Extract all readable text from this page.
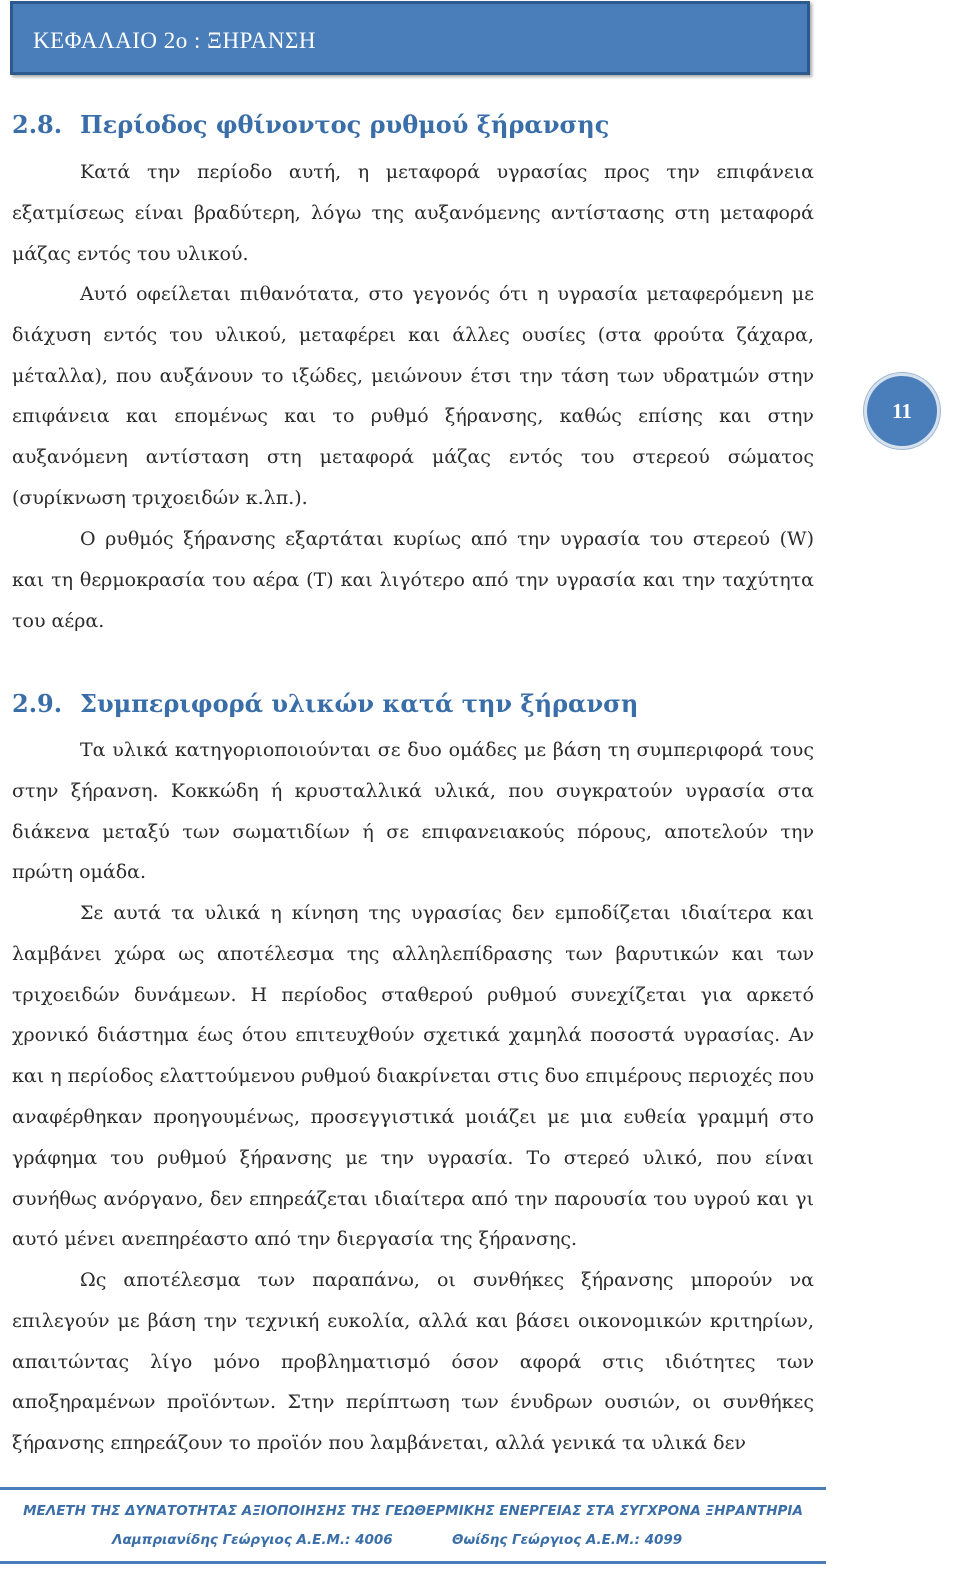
ΚΕΦΑΛΑΙΟ 2ο : ΞΗΡΑΝΣΗ
11
2.8. Περίοδος φθίνοντος ρυθμού ξήρανσης

Κατά την περίοδο αυτή, η μεταφορά υγρασίας προς την επιφάνεια εξατμίσεως είναι βραδύτερη, λόγω της αυξανόμενης αντίστασης στη μεταφορά μάζας εντός του υλικού.

Αυτό οφείλεται πιθανότατα, στο γεγονός ότι η υγρασία μεταφερόμενη με διάχυση εντός του υλικού, μεταφέρει και άλλες ουσίες (στα φρούτα ζάχαρα, μέταλλα), που αυξάνουν το ιξώδες, μειώνουν έτσι την τάση των υδρατμών στην επιφάνεια και επομένως και το ρυθμό ξήρανσης, καθώς επίσης και στην αυξανόμενη αντίσταση στη μεταφορά μάζας εντός του στερεού σώματος (συρίκνωση τριχοειδών κ.λπ.).

Ο ρυθμός ξήρανσης εξαρτάται κυρίως από την υγρασία του στερεού (W) και τη θερμοκρασία του αέρα (T) και λιγότερο από την υγρασία και την ταχύτητα του αέρα.

2.9. Συμπεριφορά υλικών κατά την ξήρανση

Τα υλικά κατηγοριοποιούνται σε δυο ομάδες με βάση τη συμπεριφορά τους στην ξήρανση. Κοκκώδη ή κρυσταλλικά υλικά, που συγκρατούν υγρασία στα διάκενα μεταξύ των σωματιδίων ή σε επιφανειακούς πόρους, αποτελούν την πρώτη ομάδα.

Σε αυτά τα υλικά η κίνηση της υγρασίας δεν εμποδίζεται ιδιαίτερα και λαμβάνει χώρα ως αποτέλεσμα της αλληλεπίδρασης των βαρυτικών και των τριχοειδών δυνάμεων. Η περίοδος σταθερού ρυθμού συνεχίζεται για αρκετό χρονικό διάστημα έως ότου επιτευχθούν σχετικά χαμηλά ποσοστά υγρασίας. Αν και η περίοδος ελαττούμενου ρυθμού διακρίνεται στις δυο επιμέρους περιοχές που αναφέρθηκαν προηγουμένως, προσεγγιστικά μοιάζει με μια ευθεία γραμμή στο γράφημα του ρυθμού ξήρανσης με την υγρασία. Το στερεό υλικό, που είναι συνήθως ανόργανο, δεν επηρεάζεται ιδιαίτερα από την παρουσία του υγρού και γι αυτό μένει ανεπηρέαστο από την διεργασία της ξήρανσης.

Ως αποτέλεσμα των παραπάνω, οι συνθήκες ξήρανσης μπορούν να επιλεγούν με βάση την τεχνική ευκολία, αλλά και βάσει οικονομικών κριτηρίων, απαιτώντας λίγο μόνο προβληματισμό όσον αφορά στις ιδιότητες των αποξηραμένων προϊόντων. Στην περίπτωση των ένυδρων ουσιών, οι συνθήκες ξήρανσης επηρεάζουν το προϊόν που λαμβάνεται, αλλά γενικά τα υλικά δεν

ΜΕΛΕΤΗ ΤΗΣ ΔΥΝΑΤΟΤΗΤΑΣ ΑΞΙΟΠΟΙΗΣΗΣ ΤΗΣ ΓΕΩΘΕΡΜΙΚΗΣ ΕΝΕΡΓΕΙΑΣ ΣΤΑ ΣΥΓΧΡΟΝΑ ΞΗΡΑΝΤΗΡΙΑ
Λαμπριανίδης Γεώργιος Α.Ε.Μ.: 4006	Θωίδης Γεώργιος Α.Ε.Μ.: 4099
